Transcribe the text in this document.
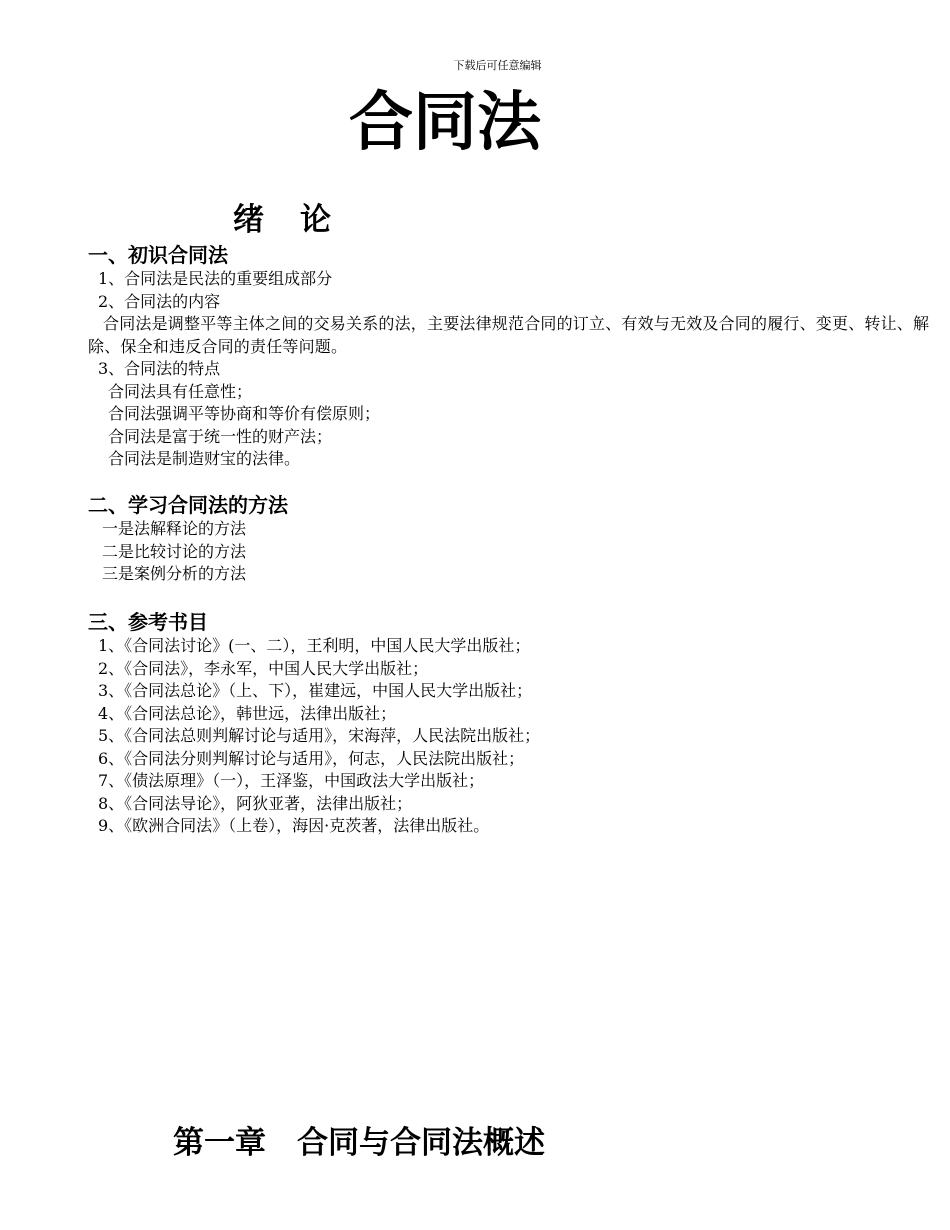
下载后可任意编辑
合同法
绪论

一、初识合同法

1、合同法是民法的重要组成部分

2、合同法的内容

合同法是调整平等主体之间的交易关系的法，主要法律规范合同的订立、有效与无效及合同的履行、变更、转让、解除、保全和违反合同的责任等问题。

3、合同法的特点

合同法具有任意性；

合同法强调平等协商和等价有偿原则；

合同法是富于统一性的财产法；

合同法是制造财宝的法律。

二、学习合同法的方法

一是法解释论的方法

二是比较讨论的方法

三是案例分析的方法

三、参考书目

1、《合同法讨论》(一、二），王利明，中国人民大学出版社；

2、《合同法》，李永军，中国人民大学出版社；

3、《合同法总论》（上、下），崔建远，中国人民大学出版社；

4、《合同法总论》，韩世远，法律出版社；

5、《合同法总则判解讨论与适用》，宋海萍，人民法院出版社；

6、《合同法分则判解讨论与适用》，何志，人民法院出版社；

7、《债法原理》（一），王泽鉴，中国政法大学出版社；

8、《合同法导论》，阿狄亚著，法律出版社；

9、《欧洲合同法》（上卷），海因·克茨著，法律出版社。

第一章　合同与合同法概述
